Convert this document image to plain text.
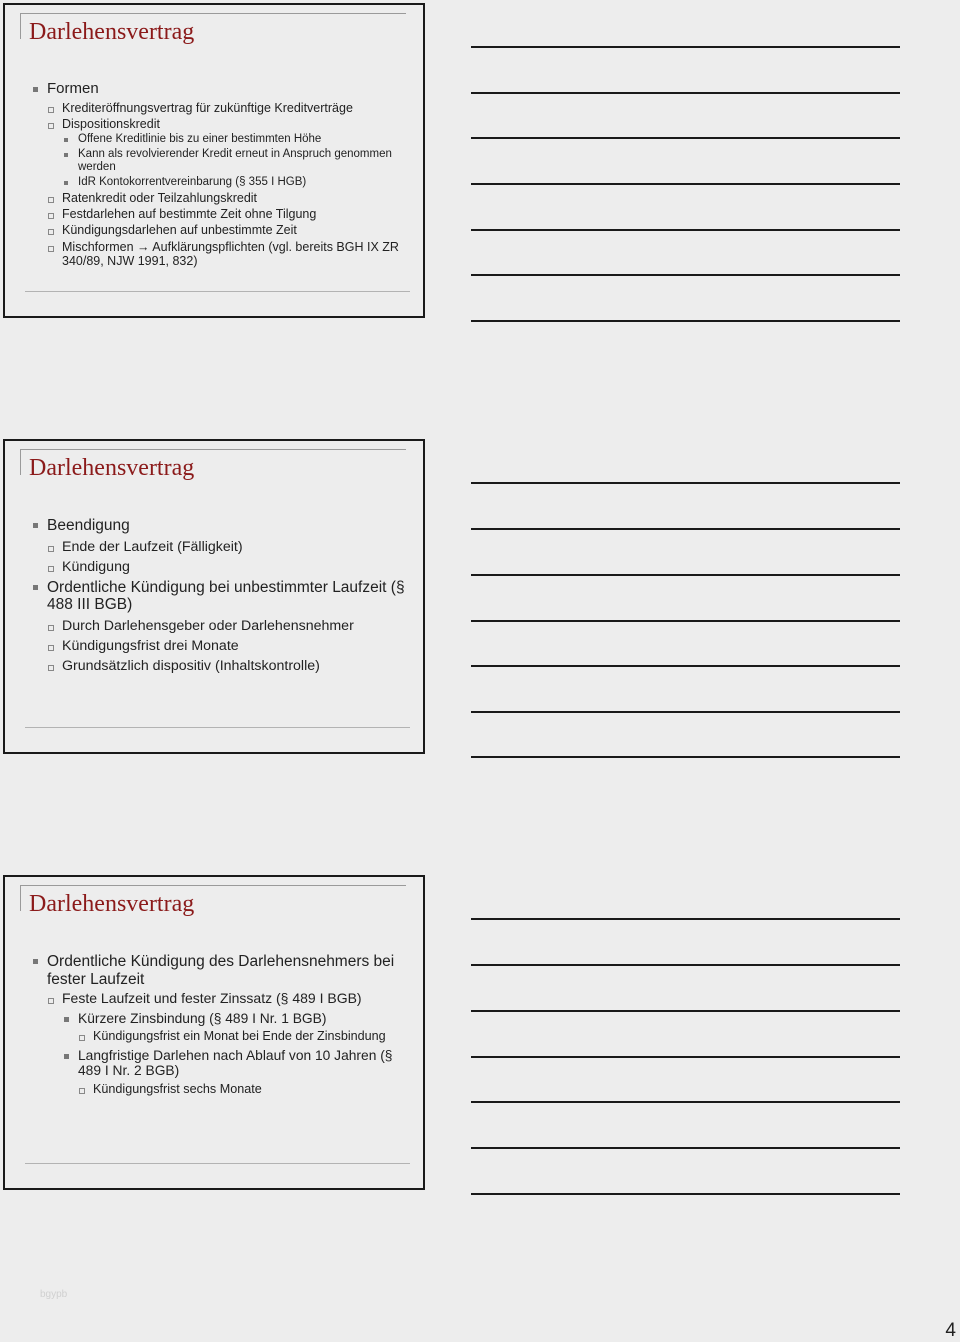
Darlehensvertrag
Formen
Krediteröffnungsvertrag für zukünftige Kreditverträge
Dispositionskredit
Offene Kreditlinie bis zu einer bestimmten Höhe
Kann als revolvierender Kredit erneut in Anspruch genommen werden
IdR Kontokorrentvereinbarung (§ 355 I HGB)
Ratenkredit oder Teilzahlungskredit
Festdarlehen auf bestimmte Zeit ohne Tilgung
Kündigungsdarlehen auf unbestimmte Zeit
Mischformen → Aufklärungspflichten (vgl. bereits BGH IX ZR 340/89, NJW 1991, 832)
Darlehensvertrag
Beendigung
Ende der Laufzeit (Fälligkeit)
Kündigung
Ordentliche Kündigung bei unbestimmter Laufzeit (§ 488 III BGB)
Durch Darlehensgeber oder Darlehensnehmer
Kündigungsfrist drei Monate
Grundsätzlich dispositiv (Inhaltskontrolle)
Darlehensvertrag
Ordentliche Kündigung des Darlehensnehmers bei fester Laufzeit
Feste Laufzeit und fester Zinssatz (§ 489 I BGB)
Kürzere Zinsbindung (§ 489 I Nr. 1 BGB)
Kündigungsfrist ein Monat bei Ende der Zinsbindung
Langfristige Darlehen nach Ablauf von 10 Jahren (§ 489 I Nr. 2 BGB)
Kündigungsfrist sechs Monate
bgypb
4
